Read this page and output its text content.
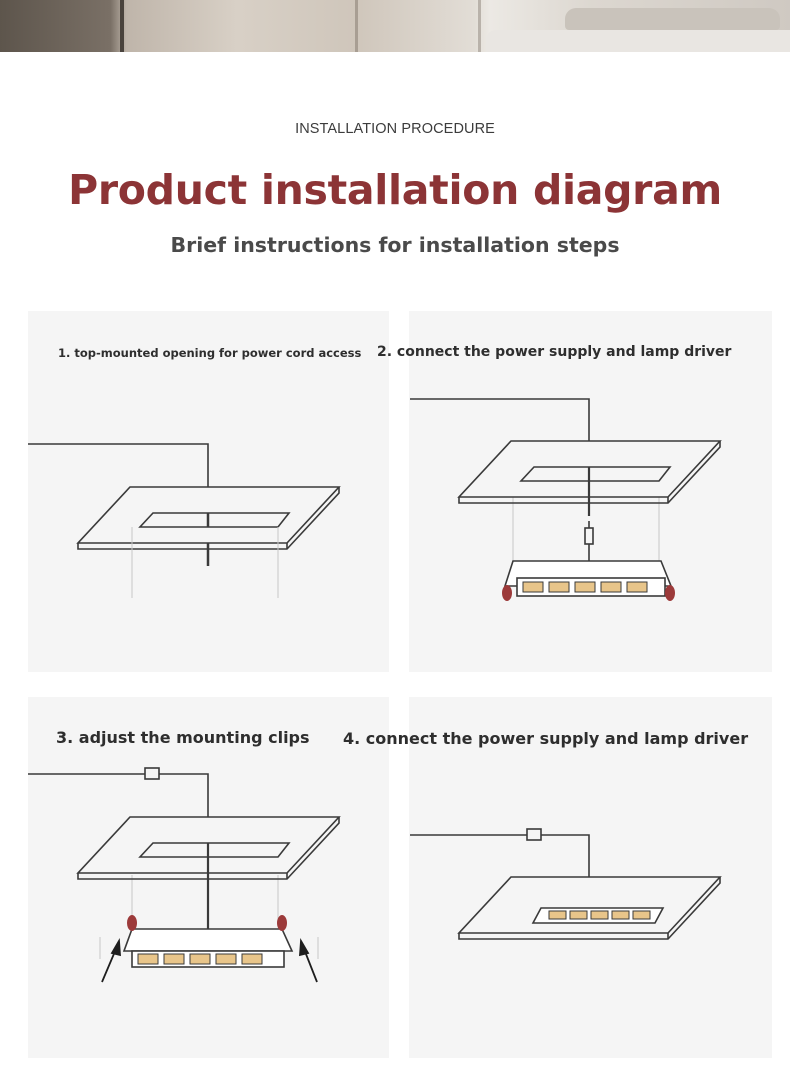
INSTALLATION PROCEDURE
Product installation diagram
Brief instructions for installation steps
1. top-mounted opening for power cord access 2. connect the power supply and lamp driver
3. adjust the mounting clips 4. connect the power supply and lamp driver
